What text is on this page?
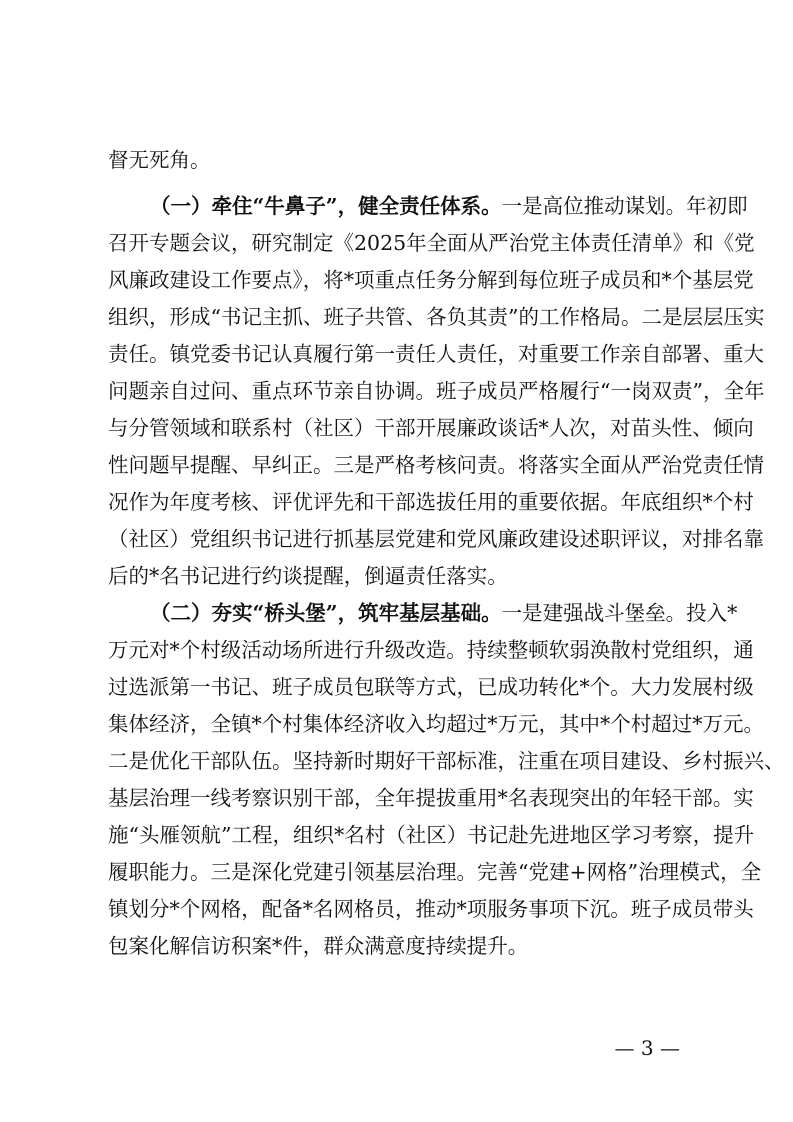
督无死角。
（一）牵住“牛鼻子”，健全责任体系。一是高位推动谋划。年初即
召开专题会议，研究制定《2025年全面从严治党主体责任清单》和《党
风廉政建设工作要点》，将*项重点任务分解到每位班子成员和*个基层党
组织，形成“书记主抓、班子共管、各负其责”的工作格局。二是层层压实
责任。镇党委书记认真履行第一责任人责任，对重要工作亲自部署、重大
问题亲自过问、重点环节亲自协调。班子成员严格履行“一岗双责”，全年
与分管领域和联系村（社区）干部开展廉政谈话*人次，对苗头性、倾向
性问题早提醒、早纠正。三是严格考核问责。将落实全面从严治党责任情
况作为年度考核、评优评先和干部选拔任用的重要依据。年底组织*个村
（社区）党组织书记进行抓基层党建和党风廉政建设述职评议，对排名靠
后的*名书记进行约谈提醒，倒逼责任落实。
（二）夯实“桥头堡”，筑牢基层基础。一是建强战斗堡垒。投入*
万元对*个村级活动场所进行升级改造。持续整顿软弱涣散村党组织，通
过选派第一书记、班子成员包联等方式，已成功转化*个。大力发展村级
集体经济，全镇*个村集体经济收入均超过*万元，其中*个村超过*万元。
二是优化干部队伍。坚持新时期好干部标准，注重在项目建设、乡村振兴、
基层治理一线考察识别干部，全年提拔重用*名表现突出的年轻干部。实
施“头雁领航”工程，组织*名村（社区）书记赴先进地区学习考察，提升
履职能力。三是深化党建引领基层治理。完善“党建+网格”治理模式，全
镇划分*个网格，配备*名网格员，推动*项服务事项下沉。班子成员带头
包案化解信访积案*件，群众满意度持续提升。
— 3 —
